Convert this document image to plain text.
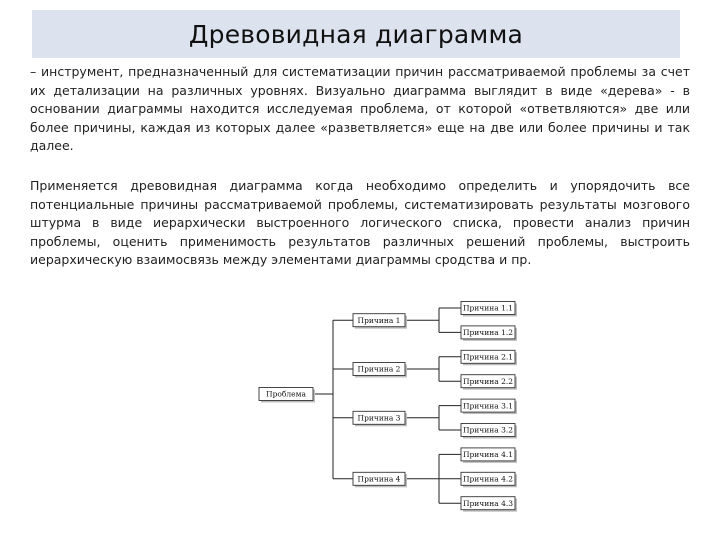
Древовидная диаграмма

– инструмент, предназначенный для систематизации причин рассматриваемой проблемы за счет их детализации на различных уровнях. Визуально диаграмма выглядит в виде «дерева» - в основании диаграммы находится исследуемая проблема, от которой «ответвляются» две или более причины, каждая из которых далее «разветвляется» еще на две или более причины и так далее.

Применяется древовидная диаграмма когда необходимо определить и упорядочить все потенциальные причины рассматриваемой проблемы, систематизировать результаты мозгового штурма в виде иерархически выстроенного логического списка, провести анализ причин проблемы, оценить применимость результатов различных решений проблемы, выстроить иерархическую взаимосвязь между элементами диаграммы сродства и пр.

Причина 1.1
Причина 1.2
Причина 1
Причина 2.1
Причина 2.2
Причина 2
Причина 3.1
Причина 3.2
Причина 3
Причина 4.1
Причина 4.2
Причина 4.3
Причина 4
Проблема
